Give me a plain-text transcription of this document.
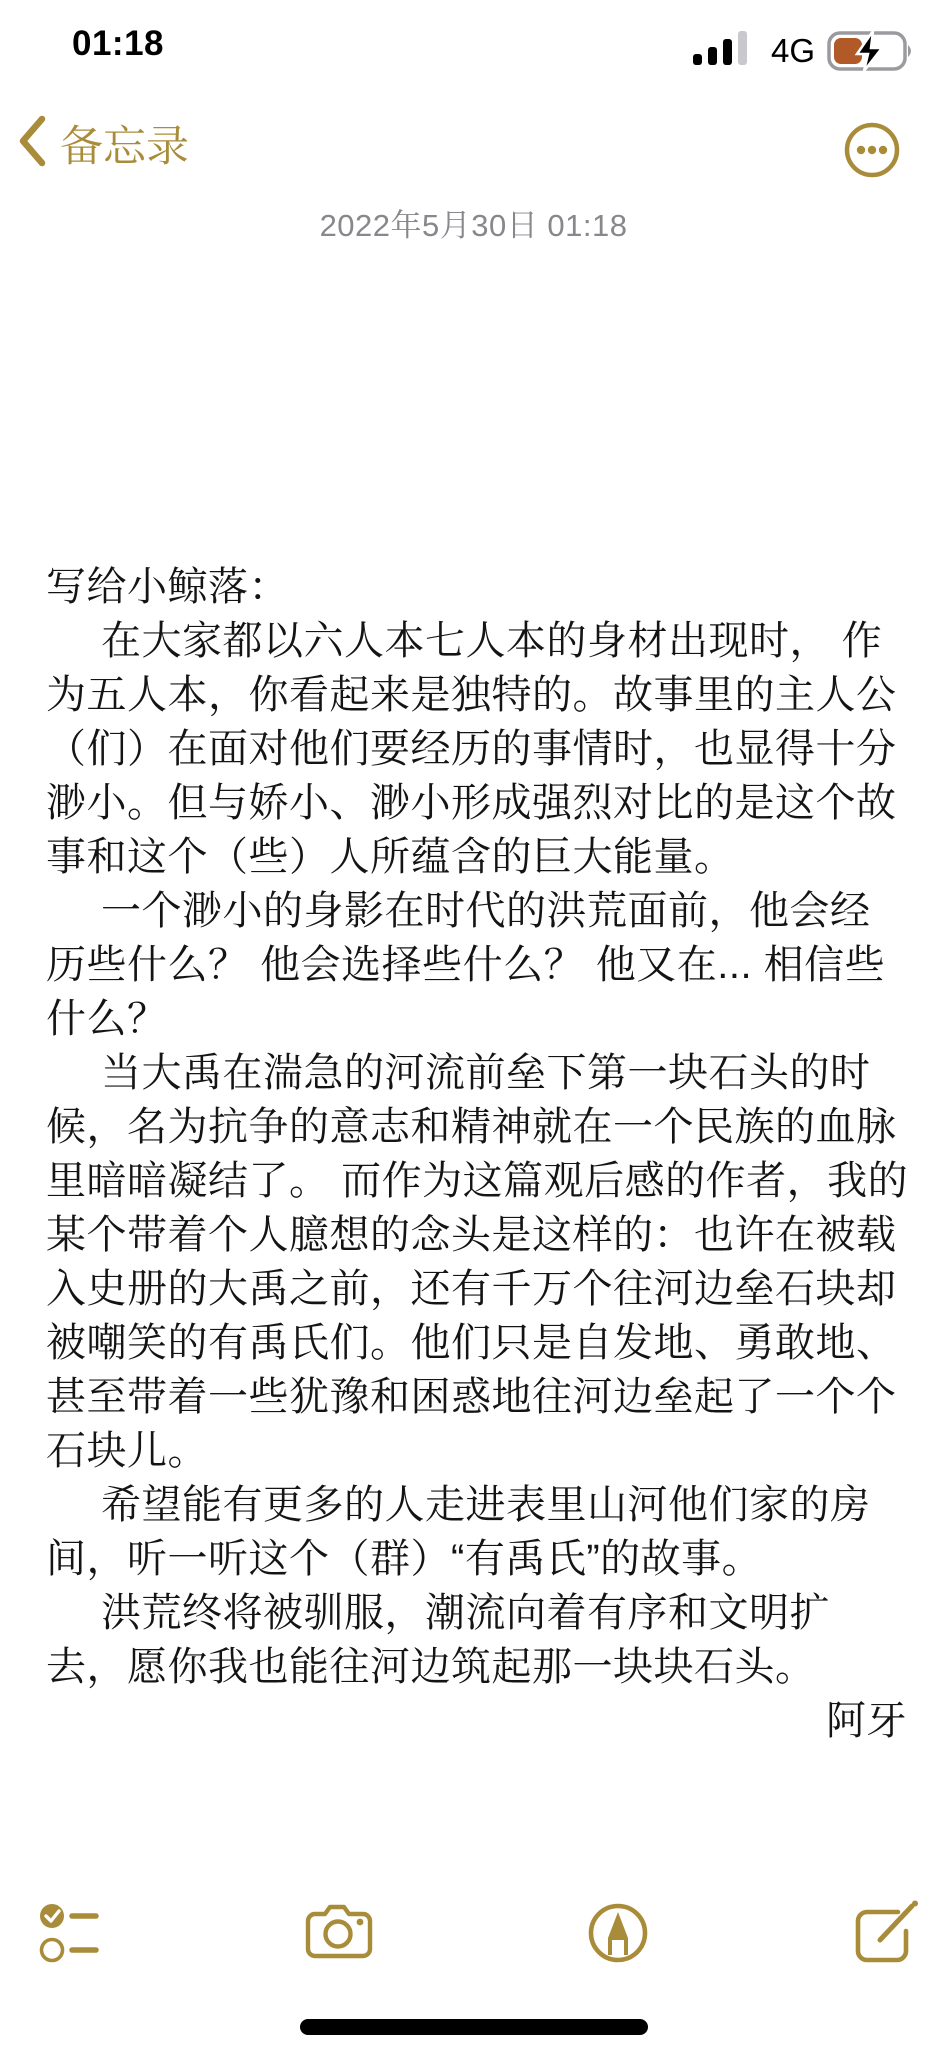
01:18	4G
备忘录
2022年5月30日 01:18
写给小鲸落：
在大家都以六人本七人本的身材出现时， 作
为五人本，你看起来是独特的。故事里的主人公
（们）在面对他们要经历的事情时，也显得十分
渺小。但与娇小、渺小形成强烈对比的是这个故
事和这个（些）人所蕴含的巨大能量。
一个渺小的身影在时代的洪荒面前，他会经
历些什么？ 他会选择些什么？ 他又在... 相信些
什么？
当大禹在湍急的河流前垒下第一块石头的时
候，名为抗争的意志和精神就在一个民族的血脉
里暗暗凝结了。 而作为这篇观后感的作者，我的
某个带着个人臆想的念头是这样的：也许在被载
入史册的大禹之前，还有千万个往河边垒石块却
被嘲笑的有禹氏们。他们只是自发地、勇敢地、
甚至带着一些犹豫和困惑地往河边垒起了一个个
石块儿。
希望能有更多的人走进表里山河他们家的房
间，听一听这个（群）“有禹氏”的故事。
洪荒终将被驯服，潮流向着有序和文明扩
去，愿你我也能往河边筑起那一块块石头。
阿牙
